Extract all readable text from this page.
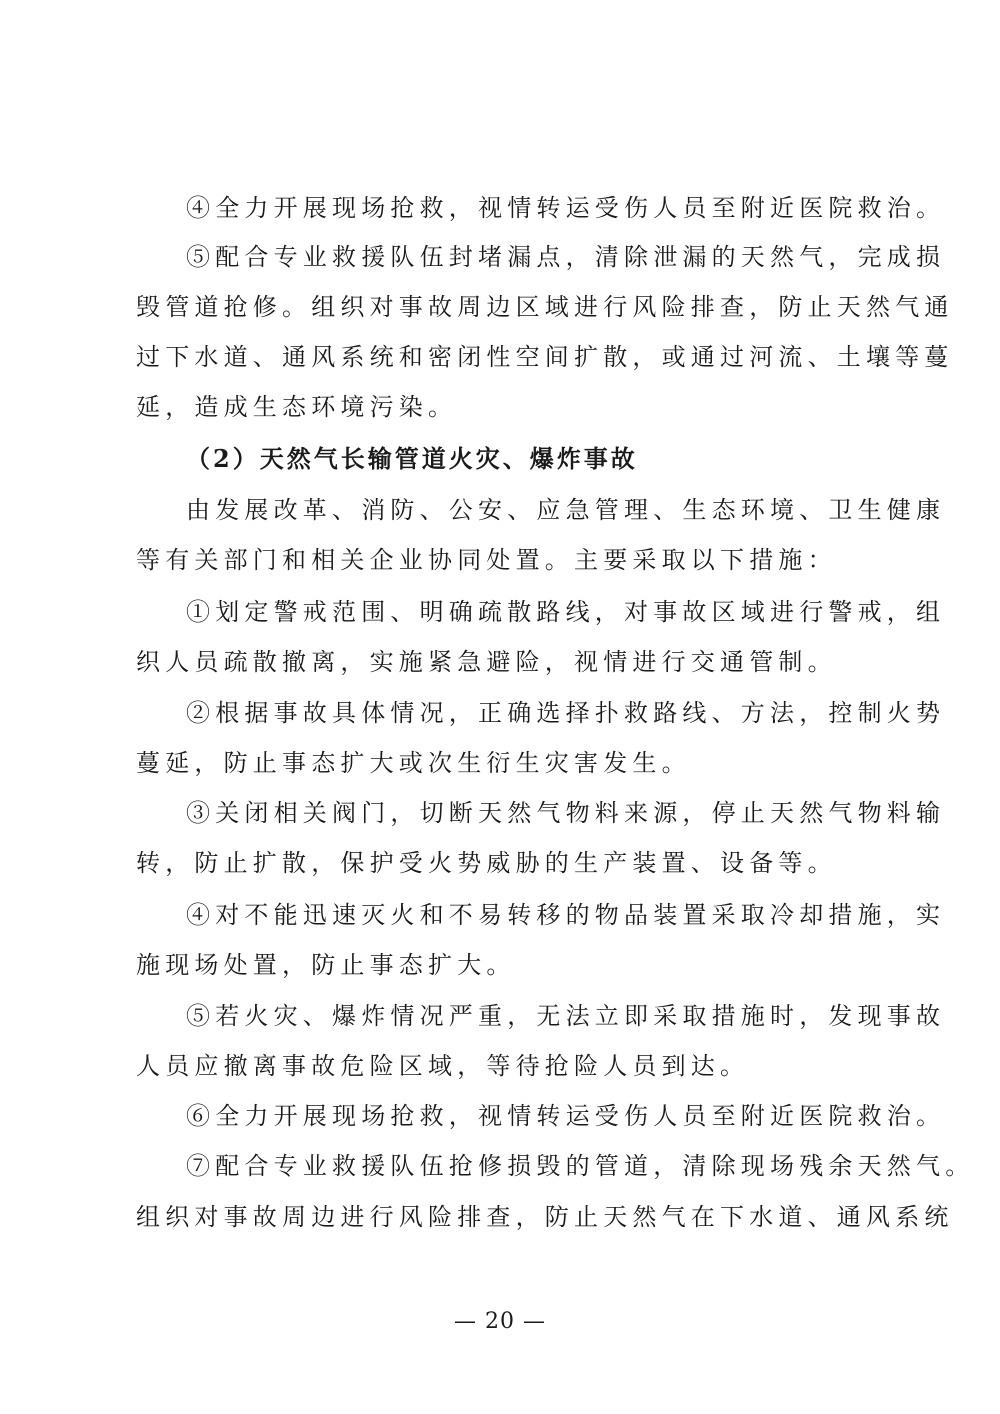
④全力开展现场抢救，视情转运受伤人员至附近医院救治。
⑤配合专业救援队伍封堵漏点，清除泄漏的天然气，完成损
毁管道抢修。组织对事故周边区域进行风险排查，防止天然气通
过下水道、通风系统和密闭性空间扩散，或通过河流、土壤等蔓
延，造成生态环境污染。
（2）天然气长输管道火灾、爆炸事故
由发展改革、消防、公安、应急管理、生态环境、卫生健康
等有关部门和相关企业协同处置。主要采取以下措施：
①划定警戒范围、明确疏散路线，对事故区域进行警戒，组
织人员疏散撤离，实施紧急避险，视情进行交通管制。
②根据事故具体情况，正确选择扑救路线、方法，控制火势
蔓延，防止事态扩大或次生衍生灾害发生。
③关闭相关阀门，切断天然气物料来源，停止天然气物料输
转，防止扩散，保护受火势威胁的生产装置、设备等。
④对不能迅速灭火和不易转移的物品装置采取冷却措施，实
施现场处置，防止事态扩大。
⑤若火灾、爆炸情况严重，无法立即采取措施时，发现事故
人员应撤离事故危险区域，等待抢险人员到达。
⑥全力开展现场抢救，视情转运受伤人员至附近医院救治。
⑦配合专业救援队伍抢修损毁的管道，清除现场残余天然气。
组织对事故周边进行风险排查，防止天然气在下水道、通风系统
— 20 —
